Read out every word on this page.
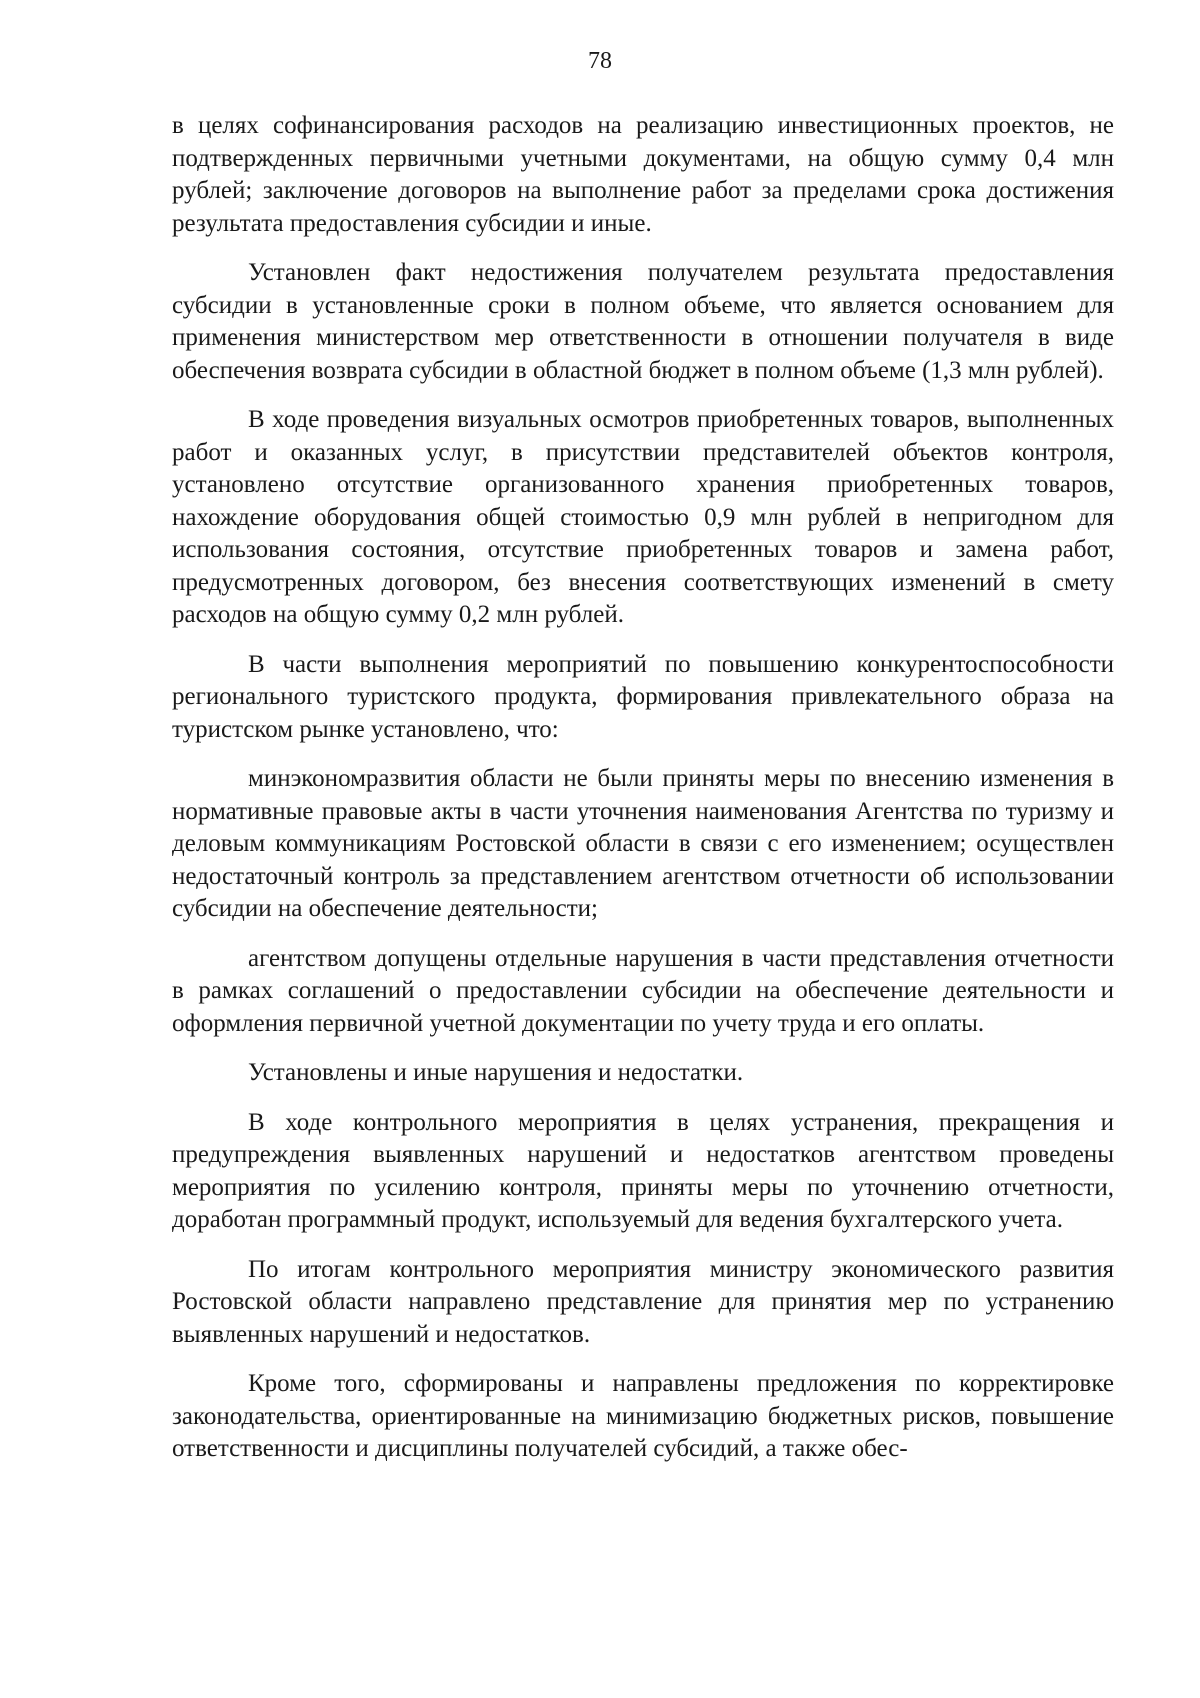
78

в целях софинансирования расходов на реализацию инвестиционных проектов, не подтвержденных первичными учетными документами, на общую сумму 0,4 млн рублей; заключение договоров на выполнение работ за пределами срока достижения результата предоставления субсидии и иные.

Установлен факт недостижения получателем результата предоставления субсидии в установленные сроки в полном объеме, что является основанием для применения министерством мер ответственности в отношении получателя в виде обеспечения возврата субсидии в областной бюджет в полном объеме (1,3 млн рублей).

В ходе проведения визуальных осмотров приобретенных товаров, выполненных работ и оказанных услуг, в присутствии представителей объектов контроля, установлено отсутствие организованного хранения приобретенных товаров, нахождение оборудования общей стоимостью 0,9 млн рублей в непригодном для использования состояния, отсутствие приобретенных товаров и замена работ, предусмотренных договором, без внесения соответствующих изменений в смету расходов на общую сумму 0,2 млн рублей.

В части выполнения мероприятий по повышению конкурентоспособности регионального туристского продукта, формирования привлекательного образа на туристском рынке установлено, что:

минэкономразвития области не были приняты меры по внесению изменения в нормативные правовые акты в части уточнения наименования Агентства по туризму и деловым коммуникациям Ростовской области в связи с его изменением; осуществлен недостаточный контроль за представлением агентством отчетности об использовании субсидии на обеспечение деятельности;

агентством допущены отдельные нарушения в части представления отчетности в рамках соглашений о предоставлении субсидии на обеспечение деятельности и оформления первичной учетной документации по учету труда и его оплаты.

Установлены и иные нарушения и недостатки.

В ходе контрольного мероприятия в целях устранения, прекращения и предупреждения выявленных нарушений и недостатков агентством проведены мероприятия по усилению контроля, приняты меры по уточнению отчетности, доработан программный продукт, используемый для ведения бухгалтерского учета.

По итогам контрольного мероприятия министру экономического развития Ростовской области направлено представление для принятия мер по устранению выявленных нарушений и недостатков.

Кроме того, сформированы и направлены предложения по корректировке законодательства, ориентированные на минимизацию бюджетных рисков, повышение ответственности и дисциплины получателей субсидий, а также обес-
